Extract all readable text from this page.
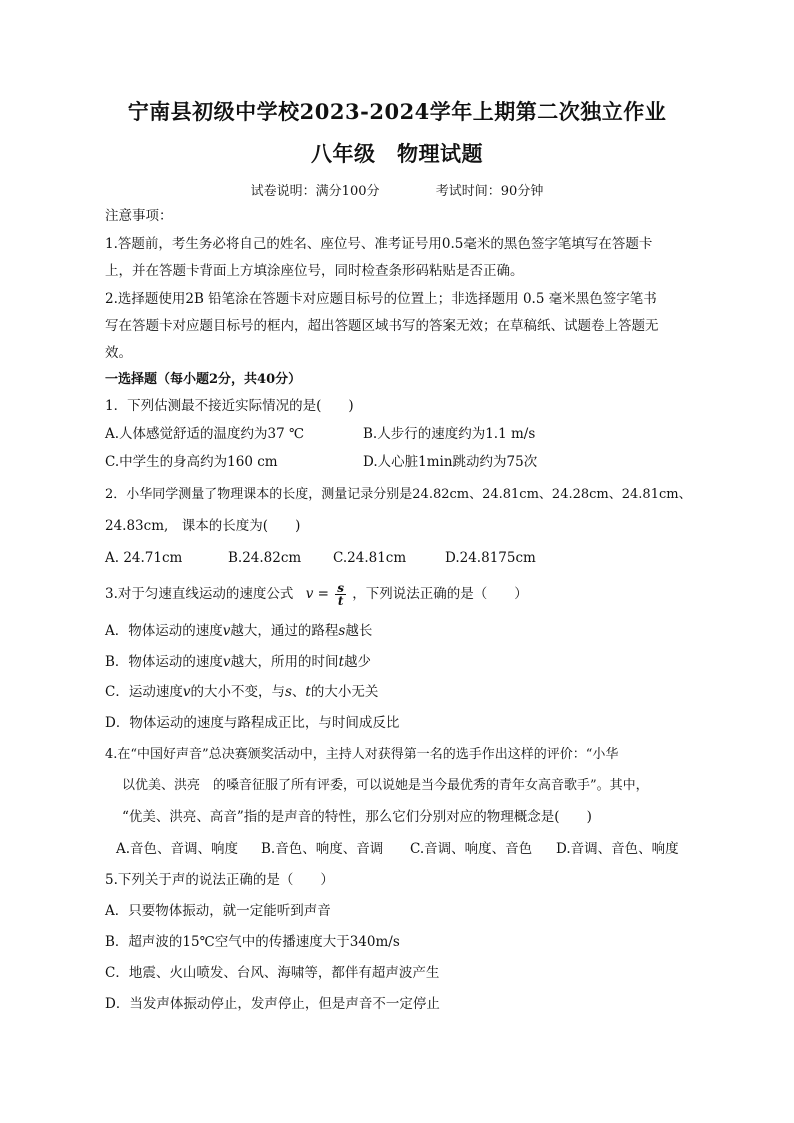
宁南县初级中学校2023-2024学年上期第二次独立作业
八年级　物理试题
试卷说明：满分100分	考试时间：90分钟
注意事项：
1.答题前，考生务必将自己的姓名、座位号、准考证号用0.5毫米的黑色签字笔填写在答题卡
上，并在答题卡背面上方填涂座位号，同时检查条形码粘贴是否正确。
2.选择题使用2B 铅笔涂在答题卡对应题目标号的位置上；非选择题用 0.5 毫米黑色签字笔书
写在答题卡对应题目标号的框内，超出答题区域书写的答案无效；在草稿纸、试题卷上答题无
效。
一选择题（每小题2分，共40分）
1．下列估测最不接近实际情况的是(　　)
A.人体感觉舒适的温度约为37 ℃	B.人步行的速度约为1.1 m/s
C.中学生的身高约为160 cm	D.人心脏1min跳动约为75次
2．小华同学测量了物理课本的长度，测量记录分别是24.82cm、24.81cm、24.28cm、24.81cm、
24.83cm,　课本的长度为(　　)
A. 24.71cm	B.24.82cm C.24.81cm	D.24.8175cm
3.对于匀速直线运动的速度公式 $v = \frac{s}{t}$ ，下列说法正确的是（　　）
A．物体运动的速度v越大，通过的路程s越长
B．物体运动的速度v越大，所用的时间t越少
C．运动速度v的大小不变，与s、t的大小无关
D．物体运动的速度与路程成正比，与时间成反比
4.在“中国好声音”总决赛颁奖活动中，主持人对获得第一名的选手作出这样的评价：“小华
以优美、洪亮　的嗓音征服了所有评委，可以说她是当今最优秀的青年女高音歌手”。其中，
“优美、洪亮、高音”指的是声音的特性，那么它们分别对应的物理概念是(　　)
A.音色、音调、响度 B.音色、响度、音调 C.音调、响度、音色 D.音调、音色、响度
5.下列关于声的说法正确的是（　　）
A．只要物体振动，就一定能听到声音
B．超声波的15℃空气中的传播速度大于340m/s
C．地震、火山喷发、台风、海啸等，都伴有超声波产生
D．当发声体振动停止，发声停止，但是声音不一定停止
